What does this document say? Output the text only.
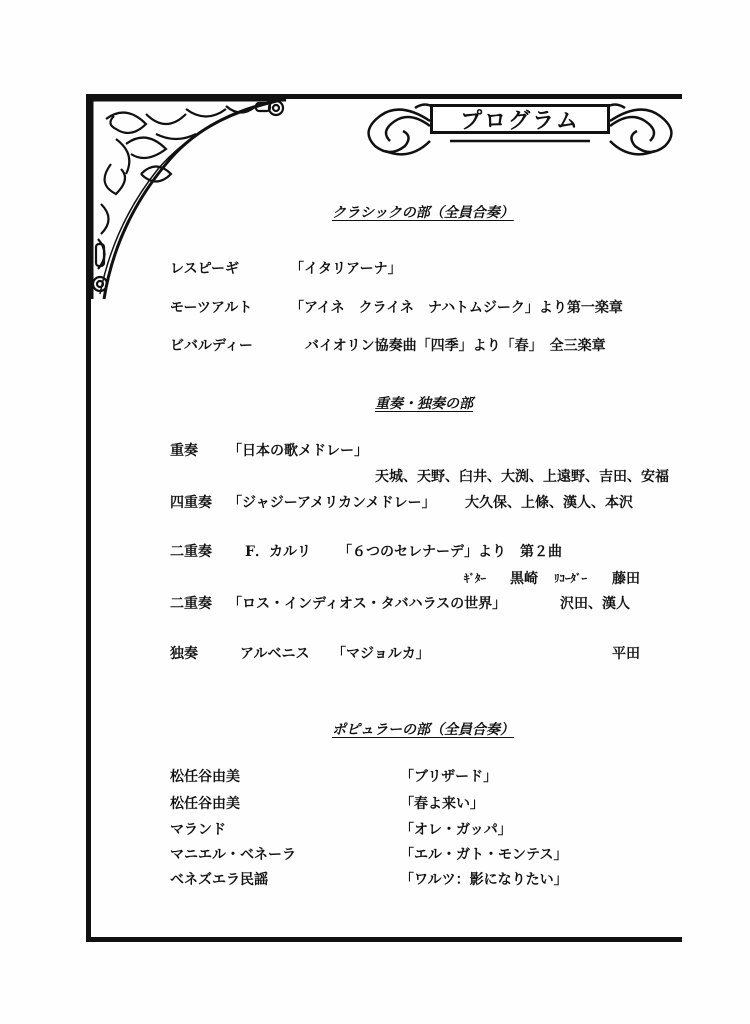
プログラム
クラシックの部（全員合奏）
レスピーギ	「イタリアーナ」
モーツアルト	「アイネ　クライネ　ナハトムジーク」より第一楽章
ビバルディー	バイオリン協奏曲「四季」より「春」　全三楽章
重奏・独奏の部
重奏 「日本の歌メドレー」
天城、天野、臼井、大渕、上遠野、吉田、安福
四重奏 「ジャジーアメリカンメドレー」 大久保、上條、漢人、本沢
二重奏 F．カルリ 「６つのセレナーデ」より　第２曲
ｷﾞﾀｰ 黒崎 ﾘｺｰﾀﾞｰ 藤田
二重奏 「ロス・インディオス・タバハラスの世界」	沢田、漢人
独奏	アルベニス 「マジョルカ」	平田
ポピュラーの部（全員合奏）
松任谷由美	「ブリザード」
松任谷由美	「春よ来い」
マランド	「オレ・ガッパ」
マニエル・ベネーラ	「エル・ガト・モンテス」
ベネズエラ民謡	「ワルツ：影になりたい」
